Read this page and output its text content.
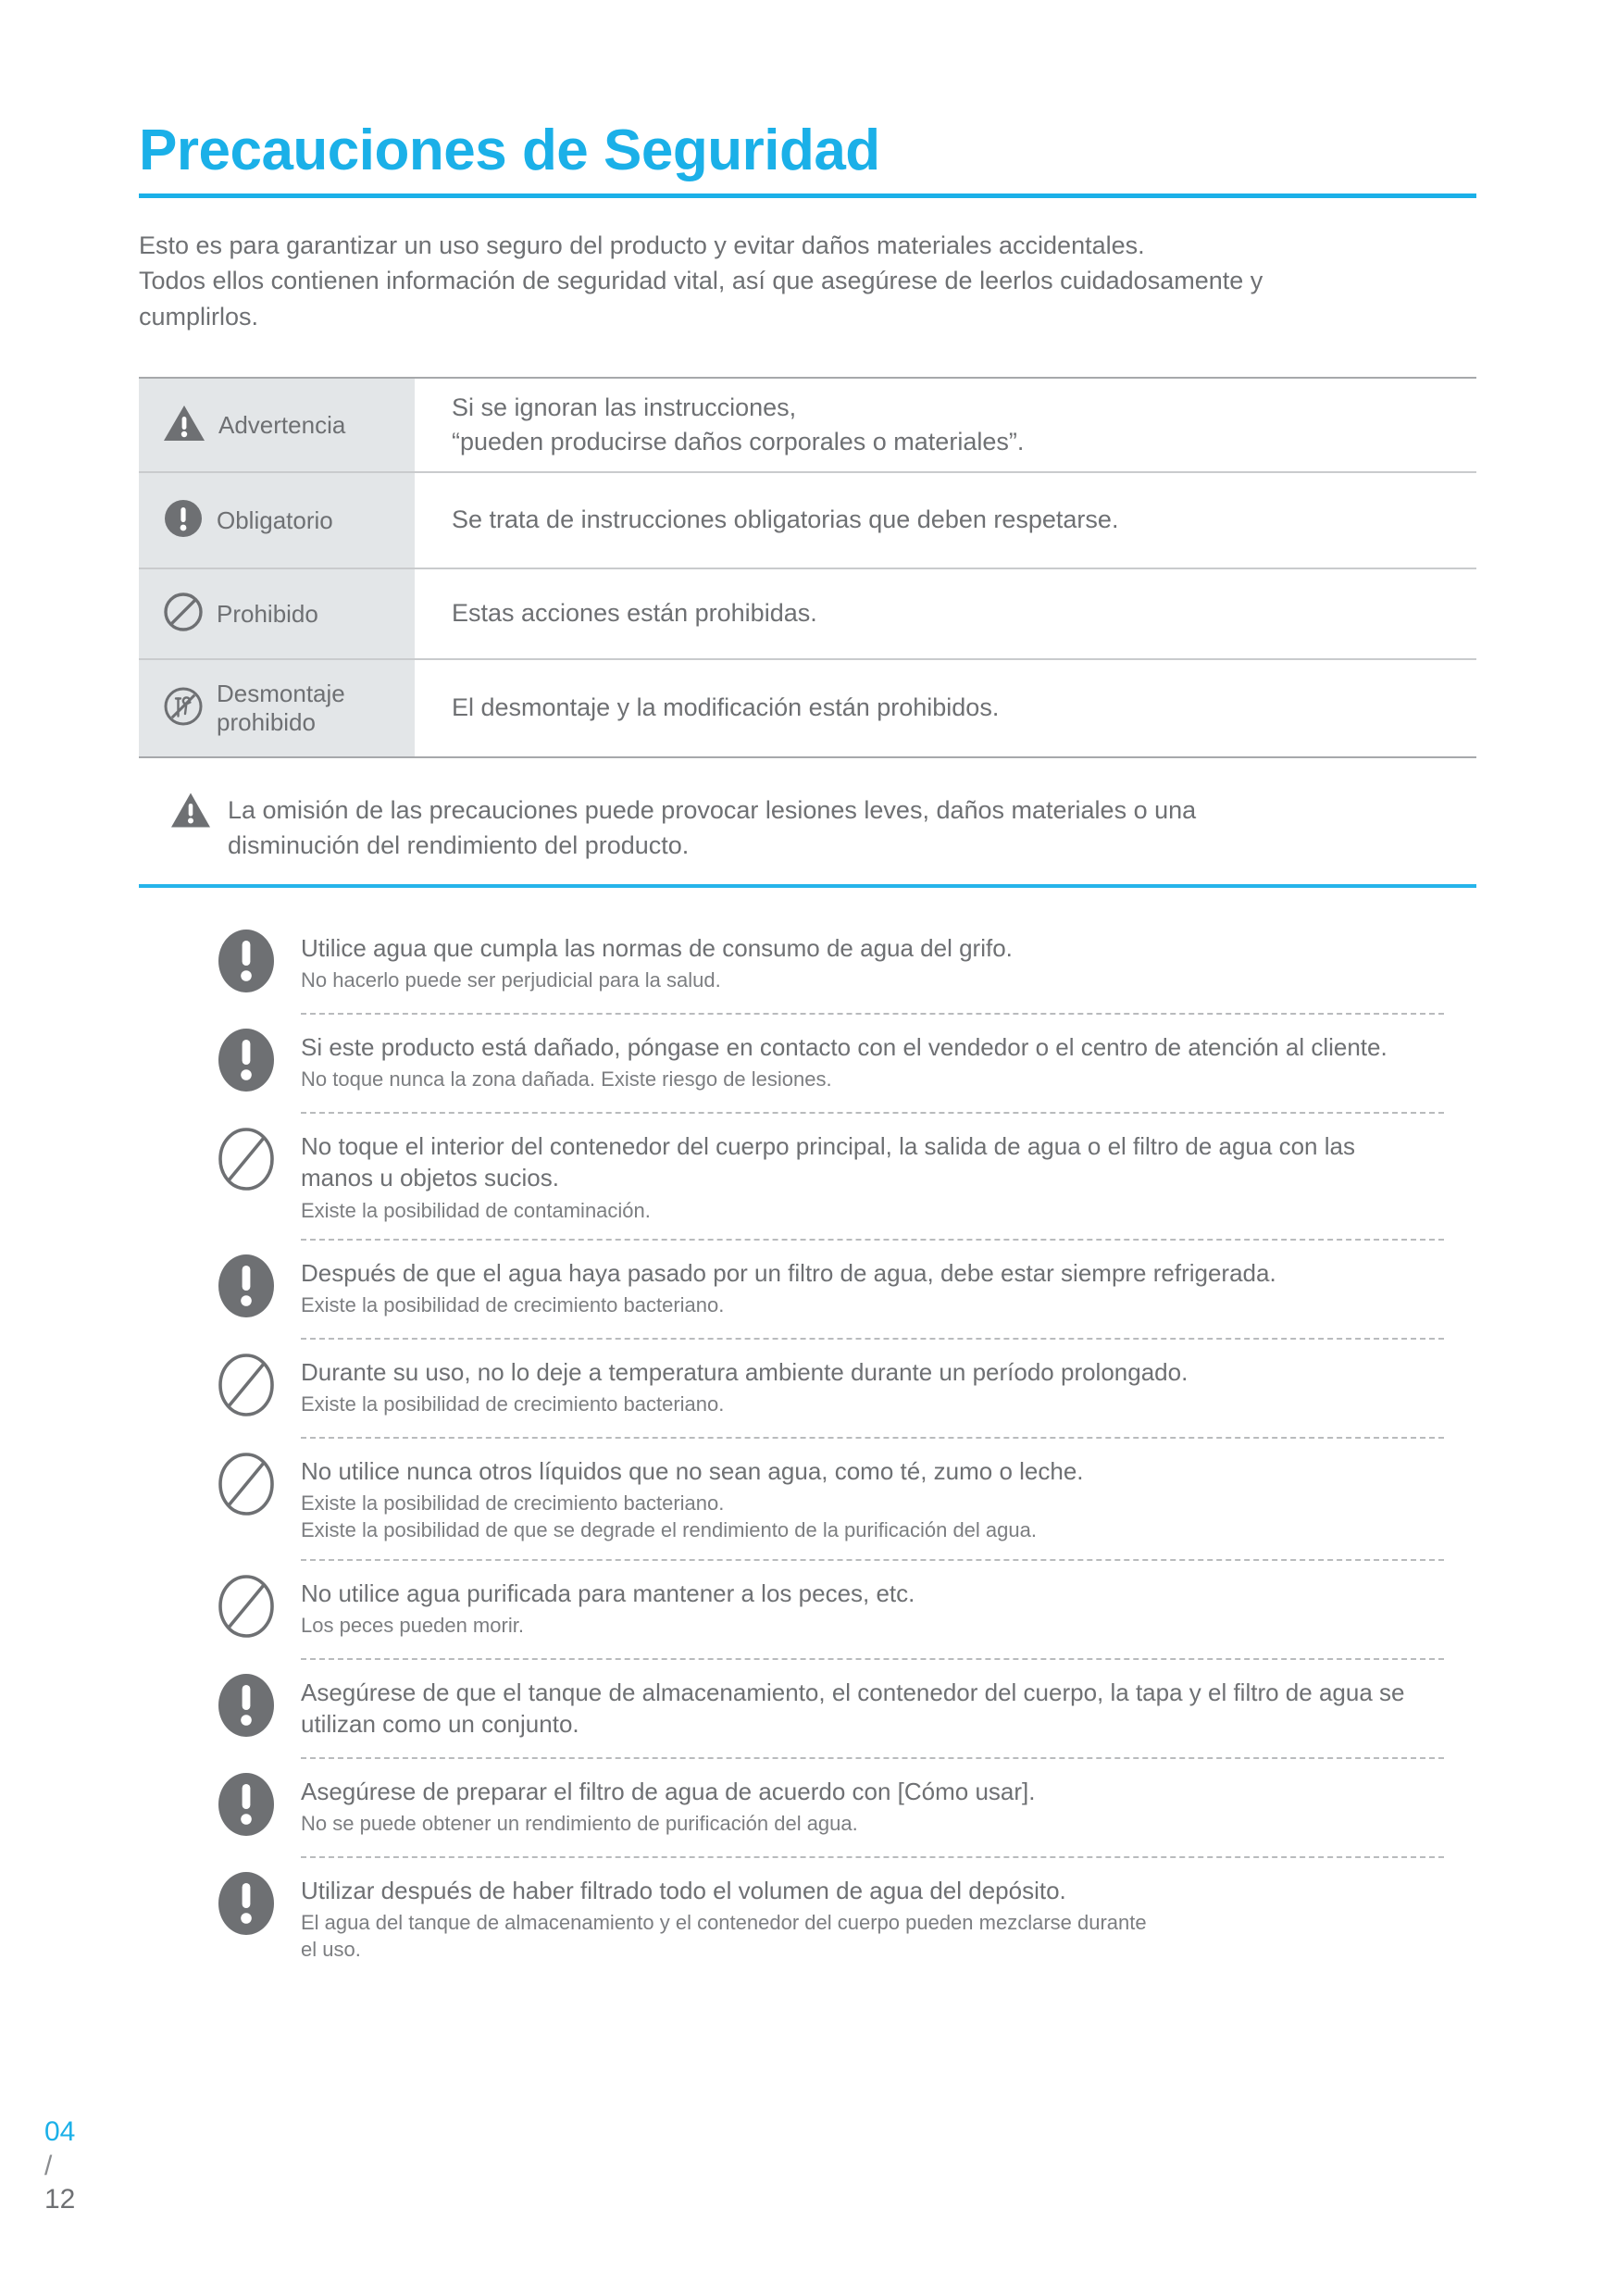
Precauciones de Seguridad

Esto es para garantizar un uso seguro del producto y evitar daños materiales accidentales.

Todos ellos contienen información de seguridad vital, así que asegúrese de leerlos cuidadosamente y

cumplirlos.

Advertencia
Si se ignoran las instrucciones,
“pueden producirse daños corporales o materiales”.
Obligatorio	Se trata de instrucciones obligatorias que deben respetarse.
Prohibido	Estas acciones están prohibidas.
Desmontaje
prohibido
El desmontaje y la modificación están prohibidos.
La omisión de las precauciones puede provocar lesiones leves, daños materiales o una
disminución del rendimiento del producto.
Utilice agua que cumpla las normas de consumo de agua del grifo.
No hacerlo puede ser perjudicial para la salud.
Si este producto está dañado, póngase en contacto con el vendedor o el centro de atención al cliente.
No toque nunca la zona dañada. Existe riesgo de lesiones.
No toque el interior del contenedor del cuerpo principal, la salida de agua o el filtro de agua con las manos u objetos sucios.
Existe la posibilidad de contaminación.
Después de que el agua haya pasado por un filtro de agua, debe estar siempre refrigerada.
Existe la posibilidad de crecimiento bacteriano.
Durante su uso, no lo deje a temperatura ambiente durante un período prolongado.
Existe la posibilidad de crecimiento bacteriano.
No utilice nunca otros líquidos que no sean agua, como té, zumo o leche.
Existe la posibilidad de crecimiento bacteriano.
Existe la posibilidad de que se degrade el rendimiento de la purificación del agua.
No utilice agua purificada para mantener a los peces, etc.
Los peces pueden morir.
Asegúrese de que el tanque de almacenamiento, el contenedor del cuerpo, la tapa y el filtro de agua se utilizan como un conjunto.
Asegúrese de preparar el filtro de agua de acuerdo con [Cómo usar].
No se puede obtener un rendimiento de purificación del agua.
Utilizar después de haber filtrado todo el volumen de agua del depósito.
El agua del tanque de almacenamiento y el contenedor del cuerpo pueden mezclarse durante
el uso.
04
/
12
